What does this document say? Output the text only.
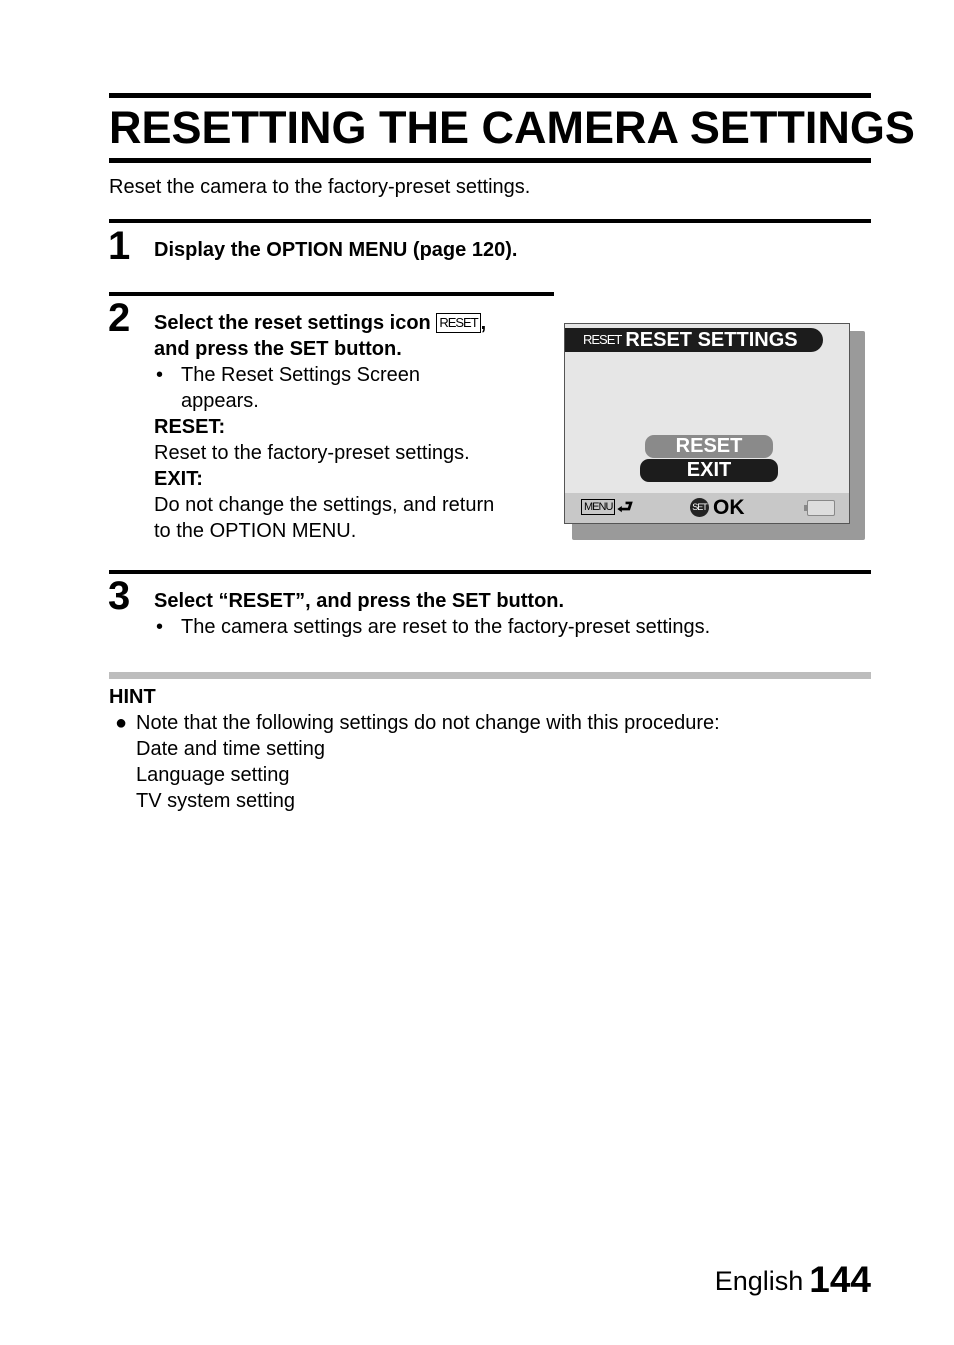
RESETTING THE CAMERA SETTINGS
Reset the camera to the factory-preset settings.
1 Display the OPTION MENU (page 120).
2 Select the reset settings icon RESET ,
and press the SET button.
• The Reset Settings Screen
appears.
RESET:
Reset to the factory-preset settings.
EXIT:
Do not change the settings, and return
to the OPTION MENU.
RESET RESET SETTINGS
RESET
EXIT
MENU ⮐	SET OK
3 Select “RESET”, and press the SET button.
• The camera settings are reset to the factory-preset settings.
HINT
● Note that the following settings do not change with this procedure:
Date and time setting
Language setting
TV system setting
English 144
